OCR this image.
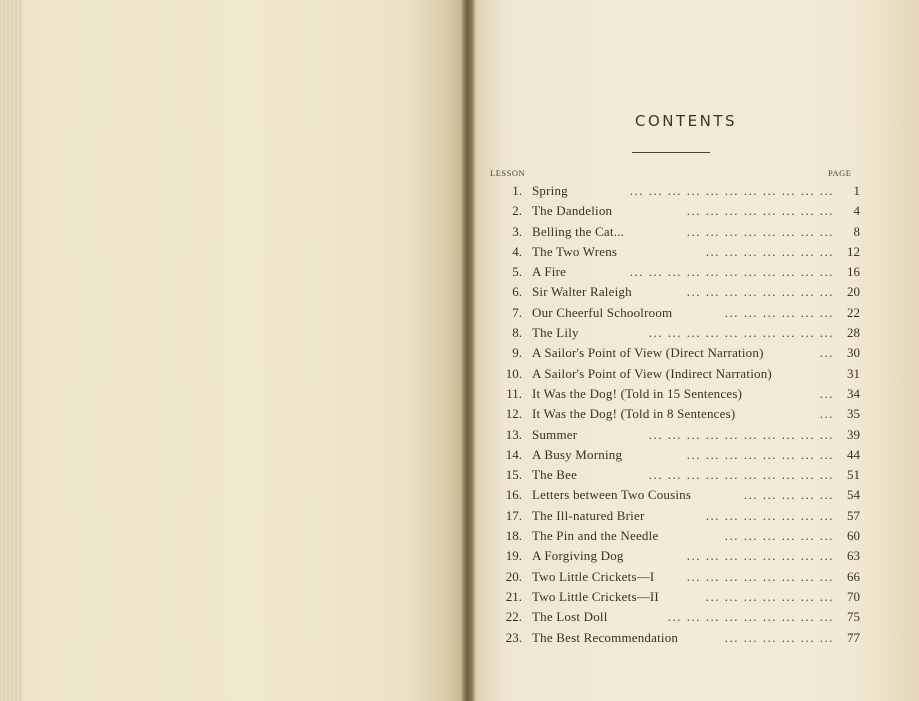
CONTENTS
LESSON	PAGE
1. Spring	... ... ... ... ... ... ... ... ... ... ...	1
2. The Dandelion	... ... ... ... ... ... ... ...	4
3. Belling the Cat...	... ... ... ... ... ... ... ...	8
4. The Two Wrens	... ... ... ... ... ... ...	12
5. A Fire	... ... ... ... ... ... ... ... ... ... ...	16
6. Sir Walter Raleigh	... ... ... ... ... ... ... ...	20
7. Our Cheerful Schoolroom	... ... ... ... ... ...	22
8. The Lily	... ... ... ... ... ... ... ... ... ...	28
9. A Sailor's Point of View (Direct Narration)	...	30
10. A Sailor's Point of View (Indirect Narration)	31
11. It Was the Dog! (Told in 15 Sentences)	...	34
12. It Was the Dog! (Told in 8 Sentences)	...	35
13. Summer	... ... ... ... ... ... ... ... ... ...	39
14. A Busy Morning	... ... ... ... ... ... ... ...	44
15. The Bee	... ... ... ... ... ... ... ... ... ...	51
16. Letters between Two Cousins	... ... ... ... ...	54
17. The Ill-natured Brier	... ... ... ... ... ... ...	57
18. The Pin and the Needle	... ... ... ... ... ...	60
19. A Forgiving Dog	... ... ... ... ... ... ... ...	63
20. Two Little Crickets—I ... ... ... ... ... ... ... ...	66
21. Two Little Crickets—II	... ... ... ... ... ... ...	70
22. The Lost Doll	... ... ... ... ... ... ... ... ...	75
23. The Best Recommendation	... ... ... ... ... ...	77
